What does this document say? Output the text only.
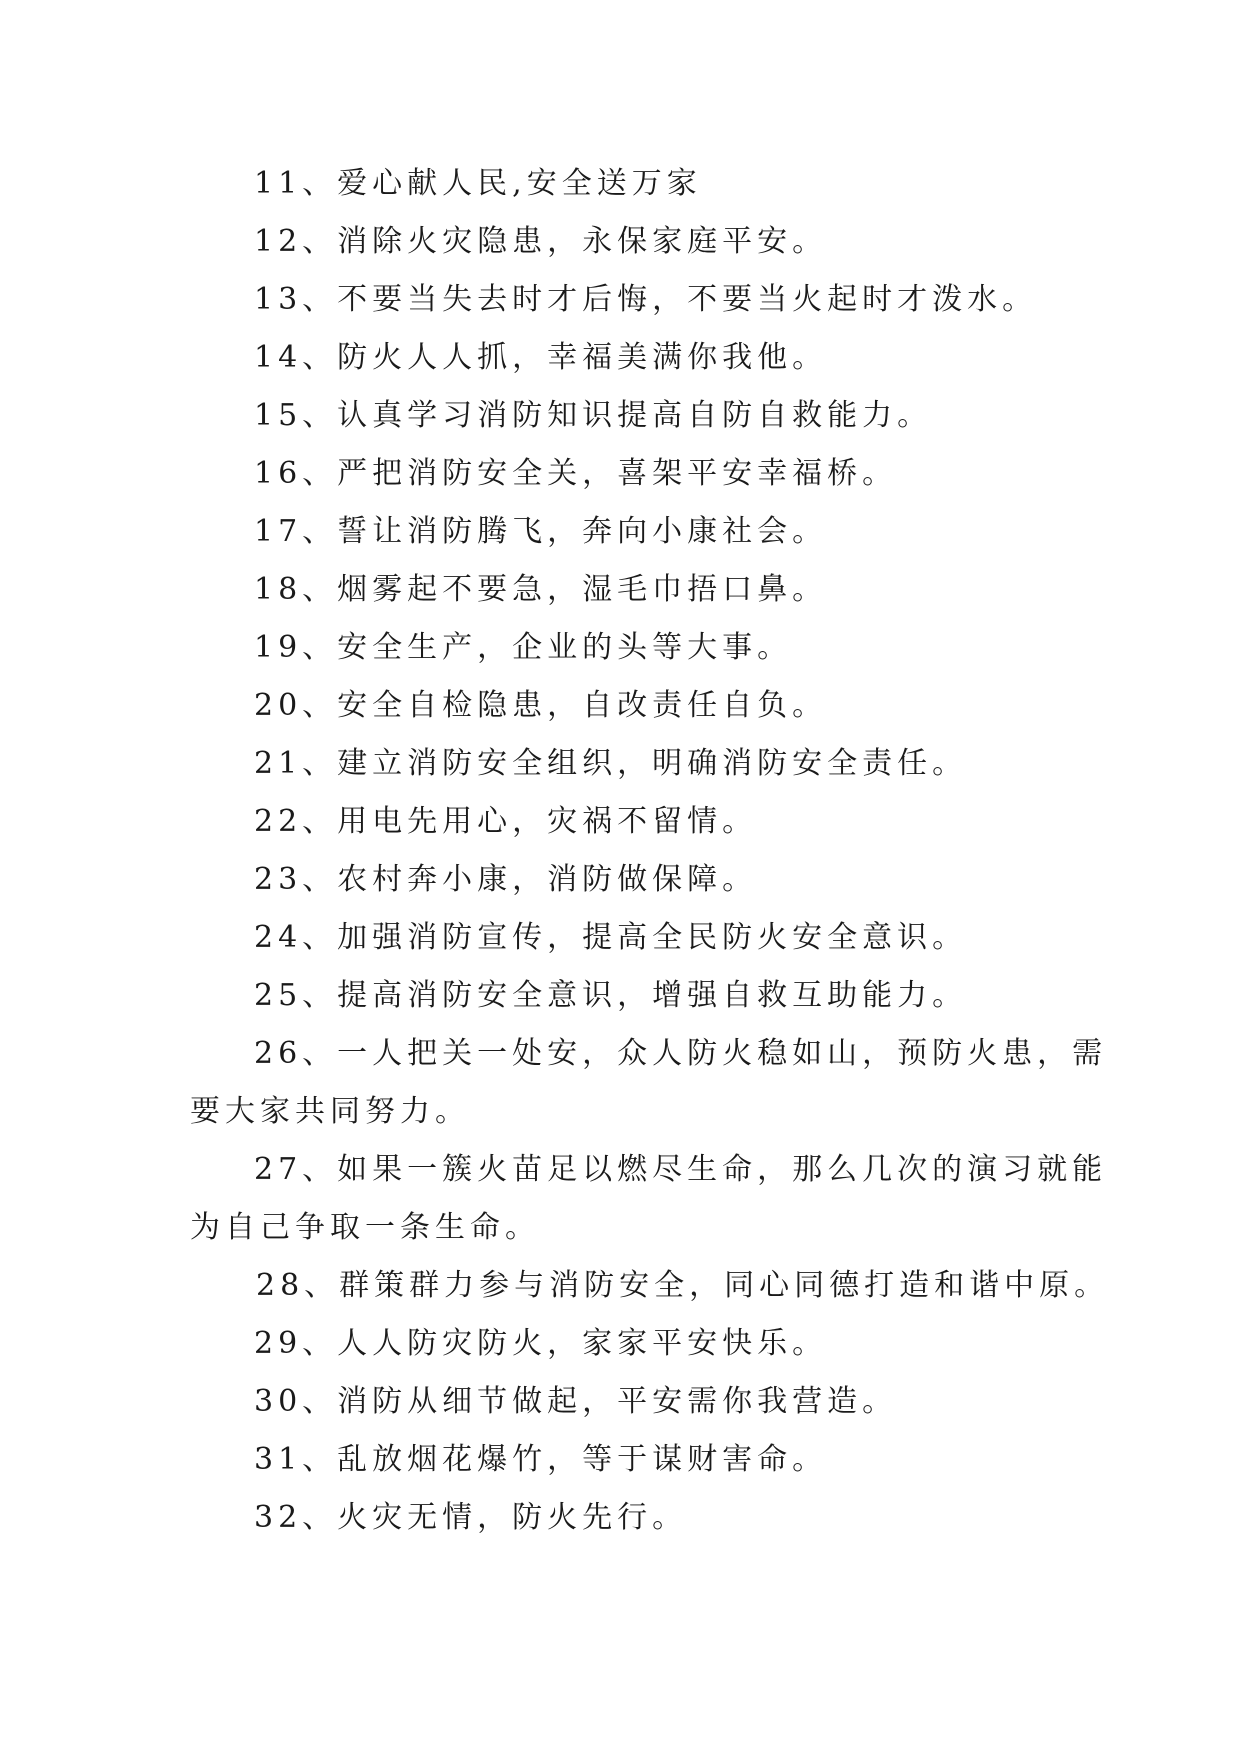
11、爱心献人民,安全送万家

12、消除火灾隐患，永保家庭平安。

13、不要当失去时才后悔，不要当火起时才泼水。

14、防火人人抓，幸福美满你我他。

15、认真学习消防知识提高自防自救能力。

16、严把消防安全关，喜架平安幸福桥。

17、誓让消防腾飞，奔向小康社会。

18、烟雾起不要急，湿毛巾捂口鼻。

19、安全生产，企业的头等大事。

20、安全自检隐患，自改责任自负。

21、建立消防安全组织，明确消防安全责任。

22、用电先用心，灾祸不留情。

23、农村奔小康，消防做保障。

24、加强消防宣传，提高全民防火安全意识。

25、提高消防安全意识，增强自救互助能力。

26、一人把关一处安，众人防火稳如山，预防火患，需

要大家共同努力。

27、如果一簇火苗足以燃尽生命，那么几次的演习就能

为自己争取一条生命。

28、群策群力参与消防安全，同心同德打造和谐中原。

29、人人防灾防火，家家平安快乐。

30、消防从细节做起，平安需你我营造。

31、乱放烟花爆竹，等于谋财害命。

32、火灾无情，防火先行。
